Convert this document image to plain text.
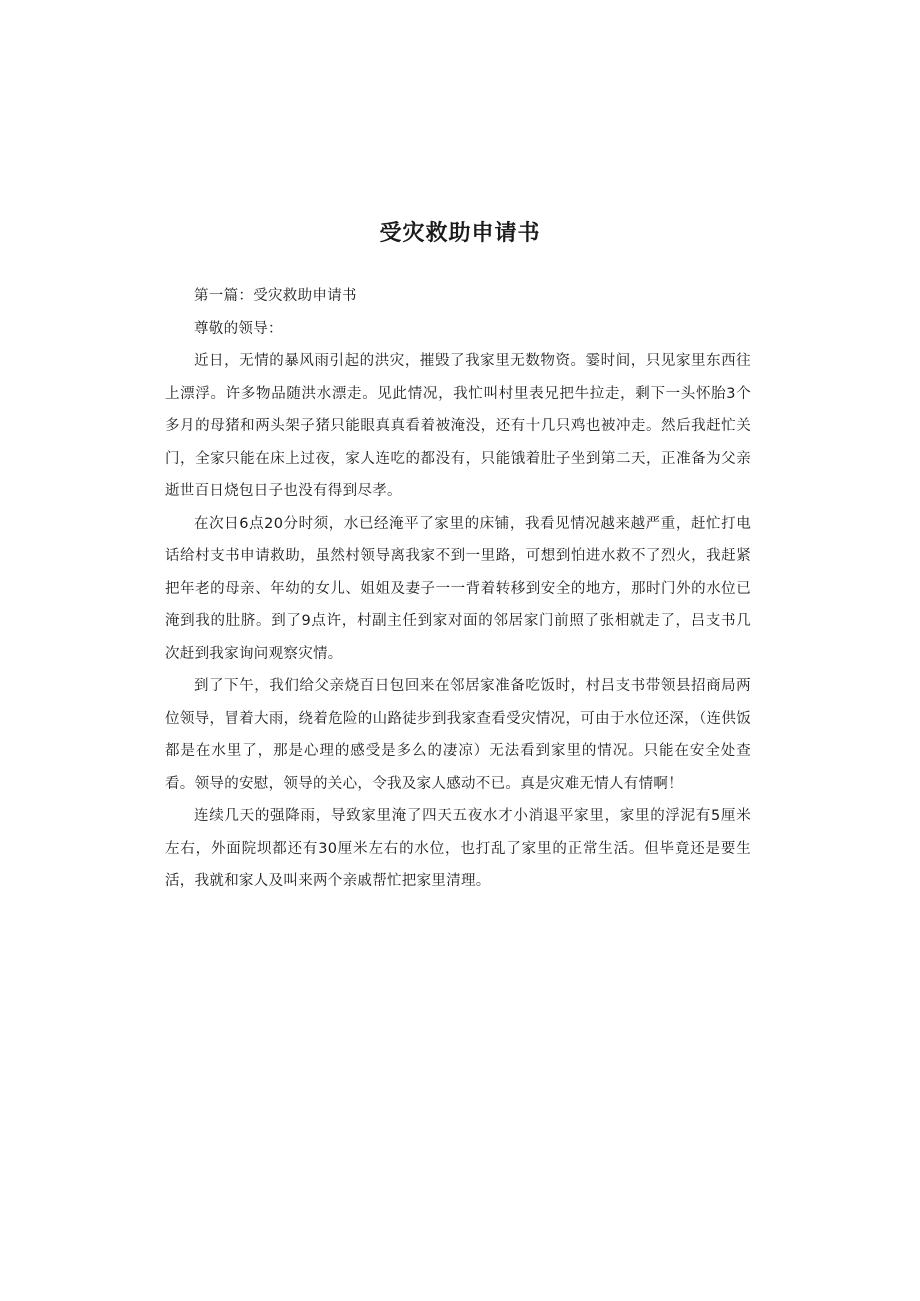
受灾救助申请书

第一篇：受灾救助申请书

尊敬的领导：

近日，无情的暴风雨引起的洪灾，摧毁了我家里无数物资。霎时间，只见家里东西往上漂浮。许多物品随洪水漂走。见此情况，我忙叫村里表兄把牛拉走，剩下一头怀胎3个多月的母猪和两头架子猪只能眼真真看着被淹没，还有十几只鸡也被冲走。然后我赶忙关门，全家只能在床上过夜，家人连吃的都没有，只能饿着肚子坐到第二天，正准备为父亲逝世百日烧包日子也没有得到尽孝。

在次日6点20分时须，水已经淹平了家里的床铺，我看见情况越来越严重，赶忙打电话给村支书申请救助，虽然村领导离我家不到一里路，可想到怕进水救不了烈火，我赶紧把年老的母亲、年幼的女儿、姐姐及妻子一一背着转移到安全的地方，那时门外的水位已淹到我的肚脐。到了9点许，村副主任到家对面的邻居家门前照了张相就走了，吕支书几次赶到我家询问观察灾情。

到了下午，我们给父亲烧百日包回来在邻居家准备吃饭时，村吕支书带领县招商局两位领导，冒着大雨，绕着危险的山路徒步到我家查看受灾情况，可由于水位还深，（连供饭都是在水里了，那是心理的感受是多么的凄凉）无法看到家里的情况。只能在安全处查看。领导的安慰，领导的关心，令我及家人感动不已。真是灾难无情人有情啊！

连续几天的强降雨，导致家里淹了四天五夜水才小消退平家里，家里的浮泥有5厘米左右，外面院坝都还有30厘米左右的水位，也打乱了家里的正常生活。但毕竟还是要生活，我就和家人及叫来两个亲戚帮忙把家里清理。
